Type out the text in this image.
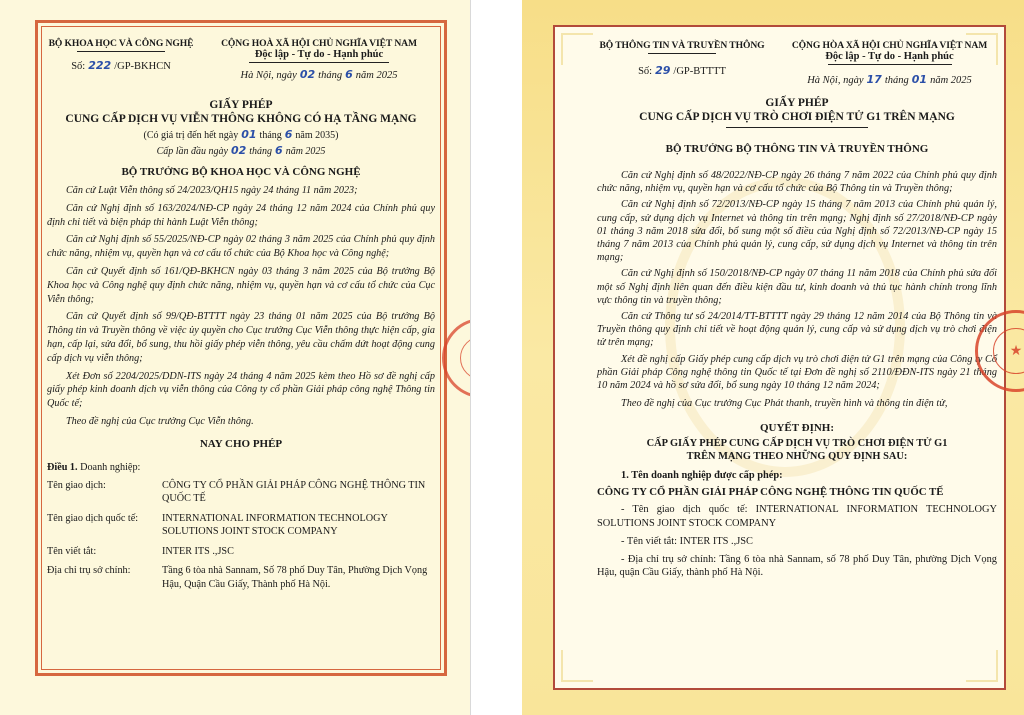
BỘ KHOA HỌC VÀ CÔNG NGHỆ
Số: 222 /GP-BKHCN
CỘNG HOÀ XÃ HỘI CHỦ NGHĨA VIỆT NAM
Độc lập - Tự do - Hạnh phúc
Hà Nội, ngày 02 tháng 6 năm 2025
GIẤY PHÉP
CUNG CẤP DỊCH VỤ VIỄN THÔNG KHÔNG CÓ HẠ TẦNG MẠNG
(Có giá trị đến hết ngày 01 tháng 6 năm 2035)
Cấp lần đầu ngày 02 tháng 6 năm 2025
BỘ TRƯỞNG BỘ KHOA HỌC VÀ CÔNG NGHỆ

Căn cứ Luật Viễn thông số 24/2023/QH15 ngày 24 tháng 11 năm 2023;

Căn cứ Nghị định số 163/2024/NĐ-CP ngày 24 tháng 12 năm 2024 của Chính phủ quy định chi tiết và biện pháp thi hành Luật Viễn thông;

Căn cứ Nghị định số 55/2025/NĐ-CP ngày 02 tháng 3 năm 2025 của Chính phủ quy định chức năng, nhiệm vụ, quyền hạn và cơ cấu tổ chức của Bộ Khoa học và Công nghệ;

Căn cứ Quyết định số 161/QĐ-BKHCN ngày 03 tháng 3 năm 2025 của Bộ trưởng Bộ Khoa học và Công nghệ quy định chức năng, nhiệm vụ, quyền hạn và cơ cấu tổ chức của Cục Viễn thông;

Căn cứ Quyết định số 99/QĐ-BTTTT ngày 23 tháng 01 năm 2025 của Bộ trưởng Bộ Thông tin và Truyền thông về việc ủy quyền cho Cục trưởng Cục Viễn thông thực hiện cấp, gia hạn, cấp lại, sửa đổi, bổ sung, thu hồi giấy phép viễn thông, yêu cầu chấm dứt hoạt động cung cấp dịch vụ viễn thông;

Xét Đơn số 2204/2025/DDN-ITS ngày 24 tháng 4 năm 2025 kèm theo Hồ sơ đề nghị cấp giấy phép kinh doanh dịch vụ viễn thông của Công ty cổ phần Giải pháp công nghệ Thông tin Quốc tế;

Theo đề nghị của Cục trưởng Cục Viễn thông.

NAY CHO PHÉP
Điều 1. Doanh nghiệp:
Tên giao dịch:	CÔNG TY CỔ PHẦN GIẢI PHÁP CÔNG NGHỆ THÔNG TIN QUỐC TẾ
Tên giao dịch quốc tế:	INTERNATIONAL INFORMATION TECHNOLOGY SOLUTIONS JOINT STOCK COMPANY
Tên viết tắt:	INTER ITS .,JSC
Địa chỉ trụ sở chính:	Tầng 6 tòa nhà Sannam, Số 78 phố Duy Tân, Phường Dịch Vọng Hậu, Quận Cầu Giấy, Thành phố Hà Nội.
BỘ THÔNG TIN VÀ TRUYỀN THÔNG
Số: 29 /GP-BTTTT
CỘNG HÒA XÃ HỘI CHỦ NGHĨA VIỆT NAM
Độc lập - Tự do - Hạnh phúc
Hà Nội, ngày 17 tháng 01 năm 2025
GIẤY PHÉP
CUNG CẤP DỊCH VỤ TRÒ CHƠI ĐIỆN TỬ G1 TRÊN MẠNG
BỘ TRƯỞNG BỘ THÔNG TIN VÀ TRUYỀN THÔNG

Căn cứ Nghị định số 48/2022/NĐ-CP ngày 26 tháng 7 năm 2022 của Chính phủ quy định chức năng, nhiệm vụ, quyền hạn và cơ cấu tổ chức của Bộ Thông tin và Truyền thông;

Căn cứ Nghị định số 72/2013/NĐ-CP ngày 15 tháng 7 năm 2013 của Chính phủ quản lý, cung cấp, sử dụng dịch vụ Internet và thông tin trên mạng; Nghị định số 27/2018/NĐ-CP ngày 01 tháng 3 năm 2018 sửa đổi, bổ sung một số điều của Nghị định số 72/2013/NĐ-CP ngày 15 tháng 7 năm 2013 của Chính phủ quản lý, cung cấp, sử dụng dịch vụ Internet và thông tin trên mạng;

Căn cứ Nghị định số 150/2018/NĐ-CP ngày 07 tháng 11 năm 2018 của Chính phủ sửa đổi một số Nghị định liên quan đến điều kiện đầu tư, kinh doanh và thủ tục hành chính trong lĩnh vực thông tin và truyền thông;

Căn cứ Thông tư số 24/2014/TT-BTTTT ngày 29 tháng 12 năm 2014 của Bộ Thông tin và Truyền thông quy định chi tiết về hoạt động quản lý, cung cấp và sử dụng dịch vụ trò chơi điện tử trên mạng;

Xét đề nghị cấp Giấy phép cung cấp dịch vụ trò chơi điện tử G1 trên mạng của Công ty Cổ phần Giải pháp Công nghệ thông tin Quốc tế tại Đơn đề nghị số 2110/ĐĐN-ITS ngày 21 tháng 10 năm 2024 và hồ sơ sửa đổi, bổ sung ngày 10 tháng 12 năm 2024;

Theo đề nghị của Cục trưởng Cục Phát thanh, truyền hình và thông tin điện tử,

QUYẾT ĐỊNH:
CẤP GIẤY PHÉP CUNG CẤP DỊCH VỤ TRÒ CHƠI ĐIỆN TỬ G1
TRÊN MẠNG THEO NHỮNG QUY ĐỊNH SAU:
1. Tên doanh nghiệp được cấp phép:
CÔNG TY CỔ PHẦN GIẢI PHÁP CÔNG NGHỆ THÔNG TIN QUỐC TẾ
- Tên giao dịch quốc tế: INTERNATIONAL INFORMATION TECHNOLOGY SOLUTIONS JOINT STOCK COMPANY
- Tên viết tắt: INTER ITS .,JSC
- Địa chỉ trụ sở chính: Tầng 6 tòa nhà Sannam, số 78 phố Duy Tân, phường Dịch Vọng Hậu, quận Cầu Giấy, thành phố Hà Nội.
★
